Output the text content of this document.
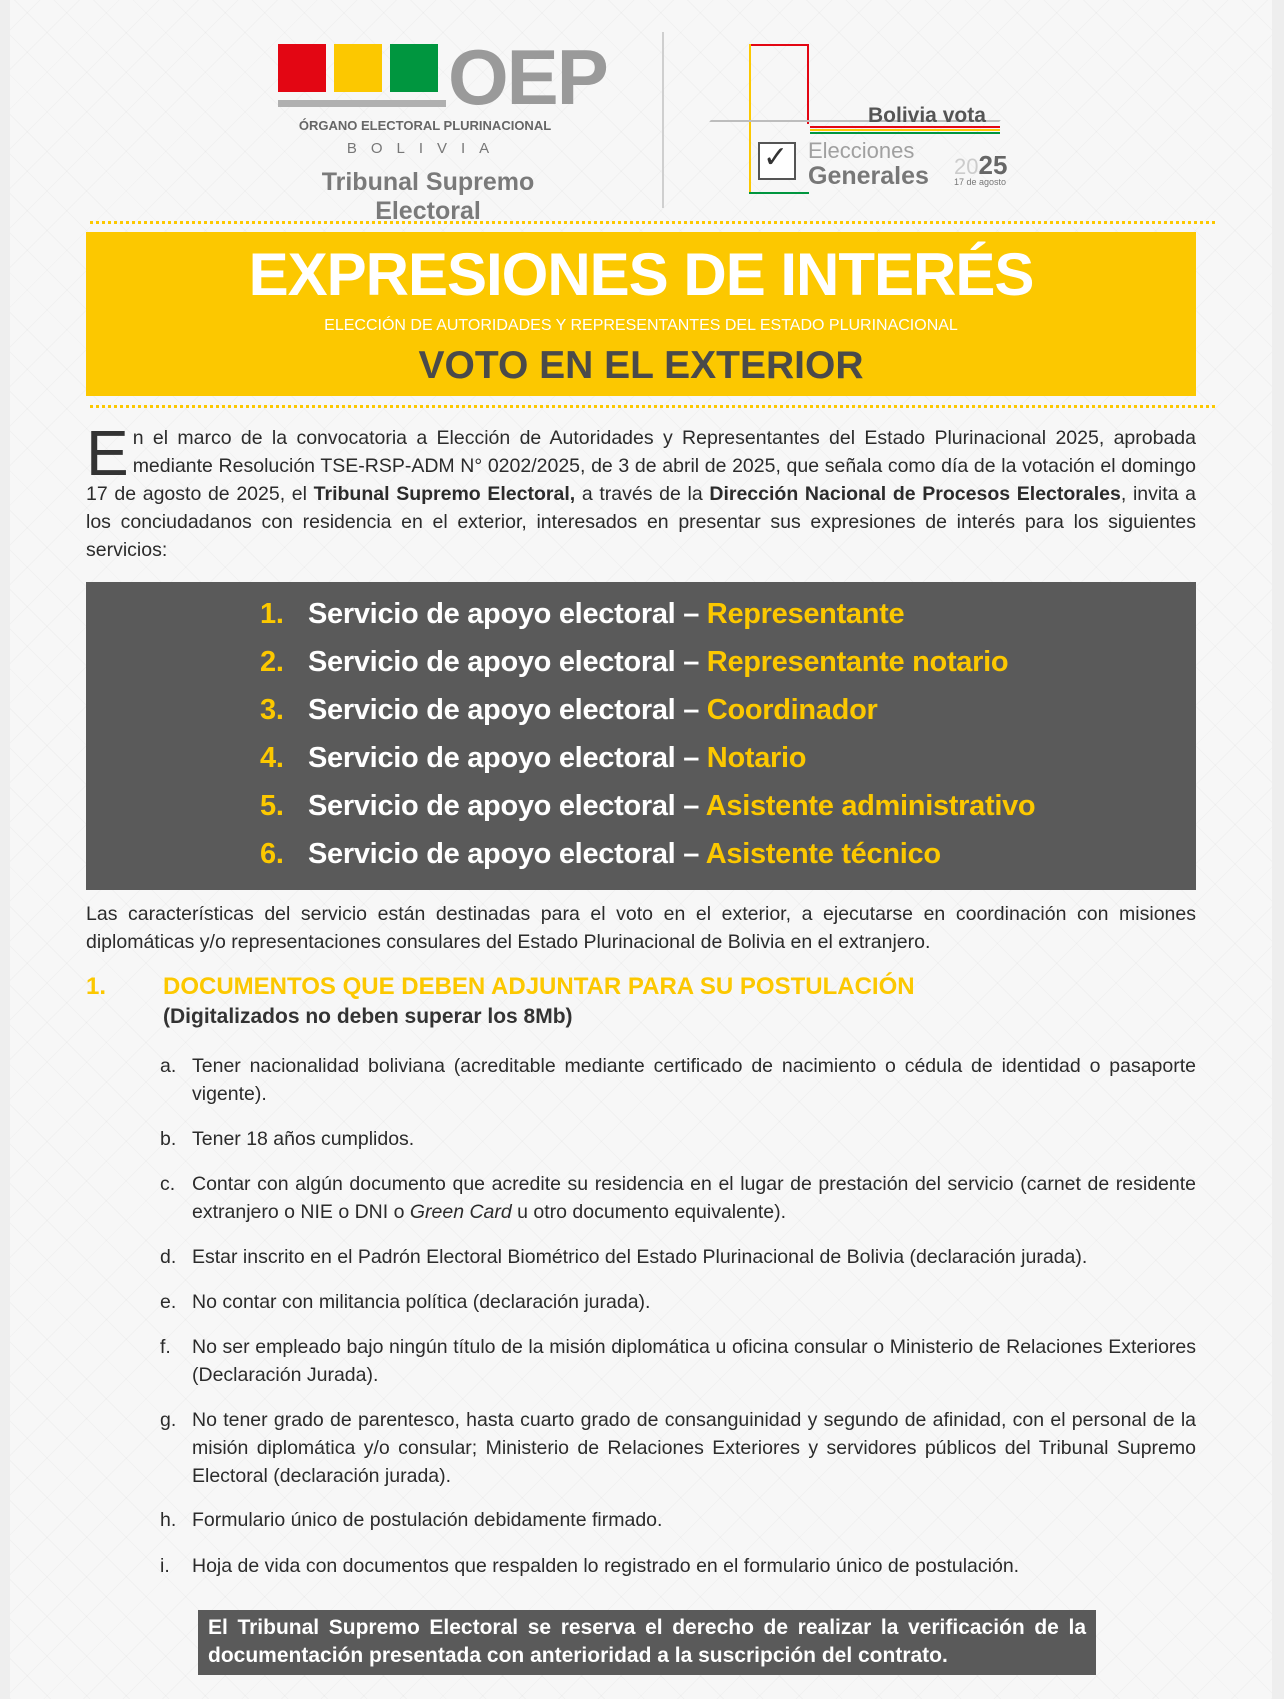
OEP
ÓRGANO ELECTORAL PLURINACIONAL
BOLIVIA
Tribunal Supremo Electoral
Bolivia vota
✓ Elecciones
Generales 2025
17 de agosto
EXPRESIONES DE INTERÉS
ELECCIÓN DE AUTORIDADES Y REPRESENTANTES DEL ESTADO PLURINACIONAL
VOTO EN EL EXTERIOR
En el marco de la convocatoria a Elección de Autoridades y Representantes del Estado Plurinacional 2025, aprobada mediante Resolución TSE-RSP-ADM N° 0202/2025, de 3 de abril de 2025, que señala como día de la votación el domingo 17 de agosto de 2025, el Tribunal Supremo Electoral, a través de la Dirección Nacional de Procesos Electorales, invita a los conciudadanos con residencia en el exterior, interesados en presentar sus expresiones de interés para los siguientes servicios:
1. Servicio de apoyo electoral – Representante
2. Servicio de apoyo electoral – Representante notario
3. Servicio de apoyo electoral – Coordinador
4. Servicio de apoyo electoral – Notario
5. Servicio de apoyo electoral – Asistente administrativo
6. Servicio de apoyo electoral – Asistente técnico
Las características del servicio están destinadas para el voto en el exterior, a ejecutarse en coordinación con misiones diplomáticas y/o representaciones consulares del Estado Plurinacional de Bolivia en el extranjero.
1. DOCUMENTOS QUE DEBEN ADJUNTAR PARA SU POSTULACIÓN
(Digitalizados no deben superar los 8Mb)
a. Tener nacionalidad boliviana (acreditable mediante certificado de nacimiento o cédula de identidad o pasaporte vigente).
b. Tener 18 años cumplidos.
c. Contar con algún documento que acredite su residencia en el lugar de prestación del servicio (carnet de residente extranjero o NIE o DNI o Green Card u otro documento equivalente).
d. Estar inscrito en el Padrón Electoral Biométrico del Estado Plurinacional de Bolivia (declaración jurada).
e. No contar con militancia política (declaración jurada).
f.	No ser empleado bajo ningún título de la misión diplomática u oficina consular o Ministerio de Relaciones Exteriores (Declaración Jurada).
g. No tener grado de parentesco, hasta cuarto grado de consanguinidad y segundo de afinidad, con el personal de la misión diplomática y/o consular; Ministerio de Relaciones Exteriores y servidores públicos del Tribunal Supremo Electoral (declaración jurada).
h. Formulario único de postulación debidamente firmado.
i.	Hoja de vida con documentos que respalden lo registrado en el formulario único de postulación.
El Tribunal Supremo Electoral se reserva el derecho de realizar la verificación de la documentación presentada con anterioridad a la suscripción del contrato.
